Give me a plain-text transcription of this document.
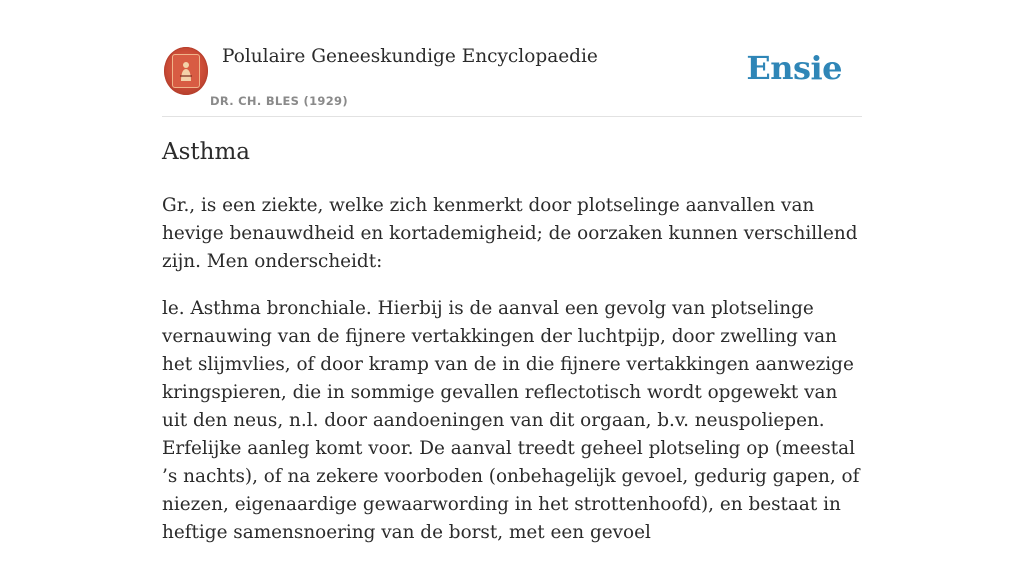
Polulaire Geneeskundige Encyclopaedie
DR. CH. BLES (1929)
Ensie
Asthma

Gr., is een ziekte, welke zich kenmerkt door plotselinge aanvallen van hevige benauwdheid en kortademigheid; de oorzaken kunnen verschillend zijn. Men onderscheidt:

le. Asthma bronchiale. Hierbij is de aanval een gevolg van plotselinge vernauwing van de fijnere vertakkingen der luchtpijp, door zwelling van het slijmvlies, of door kramp van de in die fijnere vertakkingen aanwezige kringspieren, die in sommige gevallen reflectotisch wordt opgewekt van uit den neus, n.l. door aandoeningen van dit orgaan, b.v. neuspoliepen. Erfelijke aanleg komt voor. De aanval treedt geheel plotseling op (meestal ’s nachts), of na zekere voorboden (onbehagelijk gevoel, gedurig gapen, of niezen, eigenaardige gewaarwording in het strottenhoofd), en bestaat in heftige samensnoering van de borst, met een gevoel
